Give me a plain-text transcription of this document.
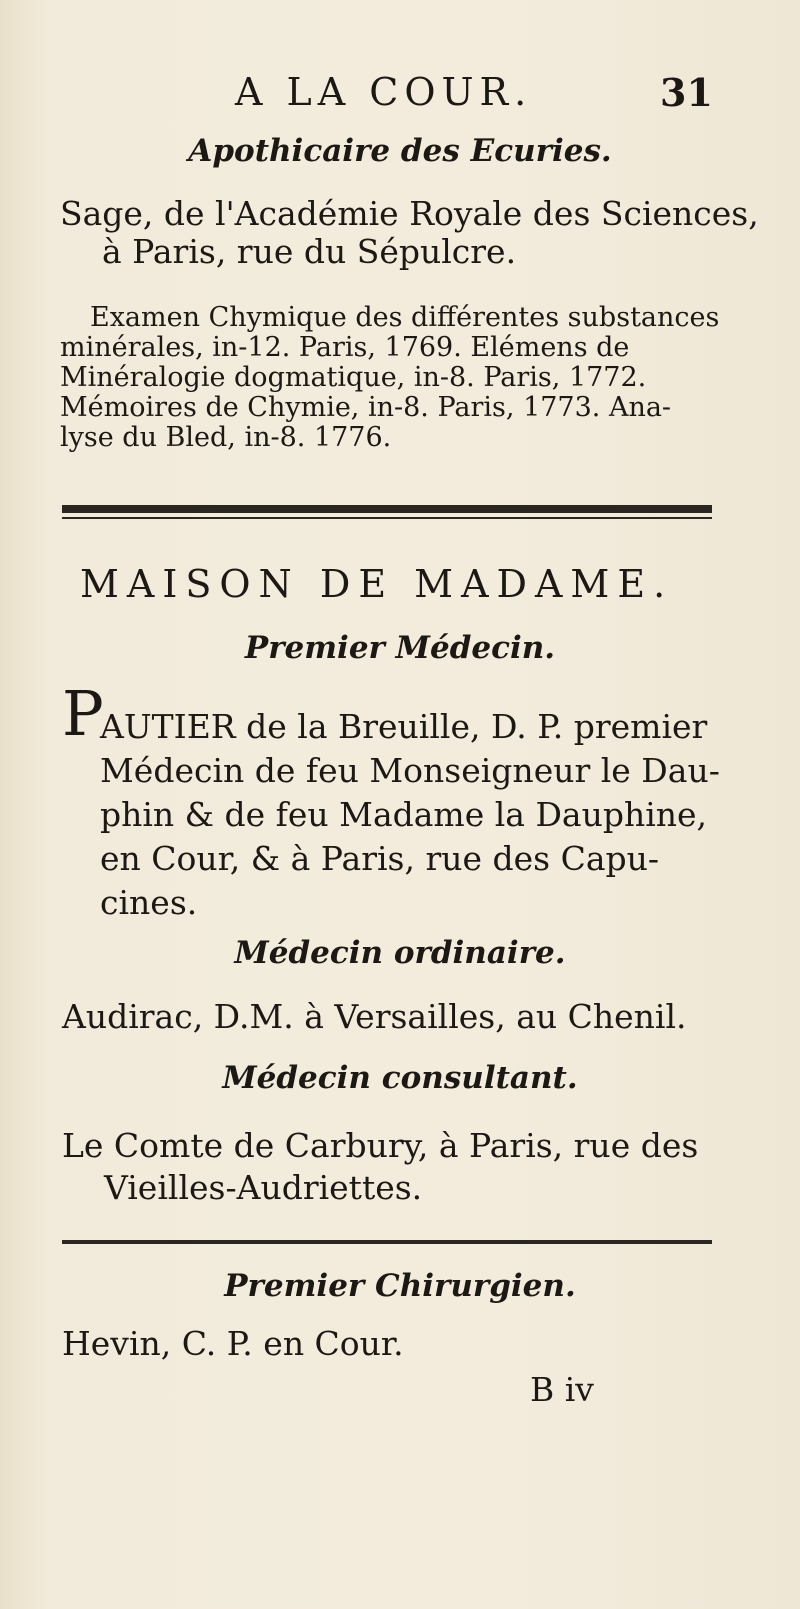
A LA COUR.	31
Apothicaire des Ecuries.
Sage, de l'Académie Royale des Sciences,
à Paris, rue du Sépulcre.
Examen Chymique des différentes substances
minérales, in-12. Paris, 1769. Elémens de
Minéralogie dogmatique, in-8. Paris, 1772.
Mémoires de Chymie, in-8. Paris, 1773. Ana-
lyse du Bled, in-8. 1776.
MAISON DE MADAME.
Premier Médecin.
P
AUTIER de la Breuille, D. P. premier
Médecin de feu Monseigneur le Dau-
phin & de feu Madame la Dauphine,
en Cour, & à Paris, rue des Capu-
cines.
Médecin ordinaire.
Audirac, D.M. à Versailles, au Chenil.
Médecin consultant.
Le Comte de Carbury, à Paris, rue des
Vieilles-Audriettes.
Premier Chirurgien.
Hevin, C. P. en Cour.
B iv
